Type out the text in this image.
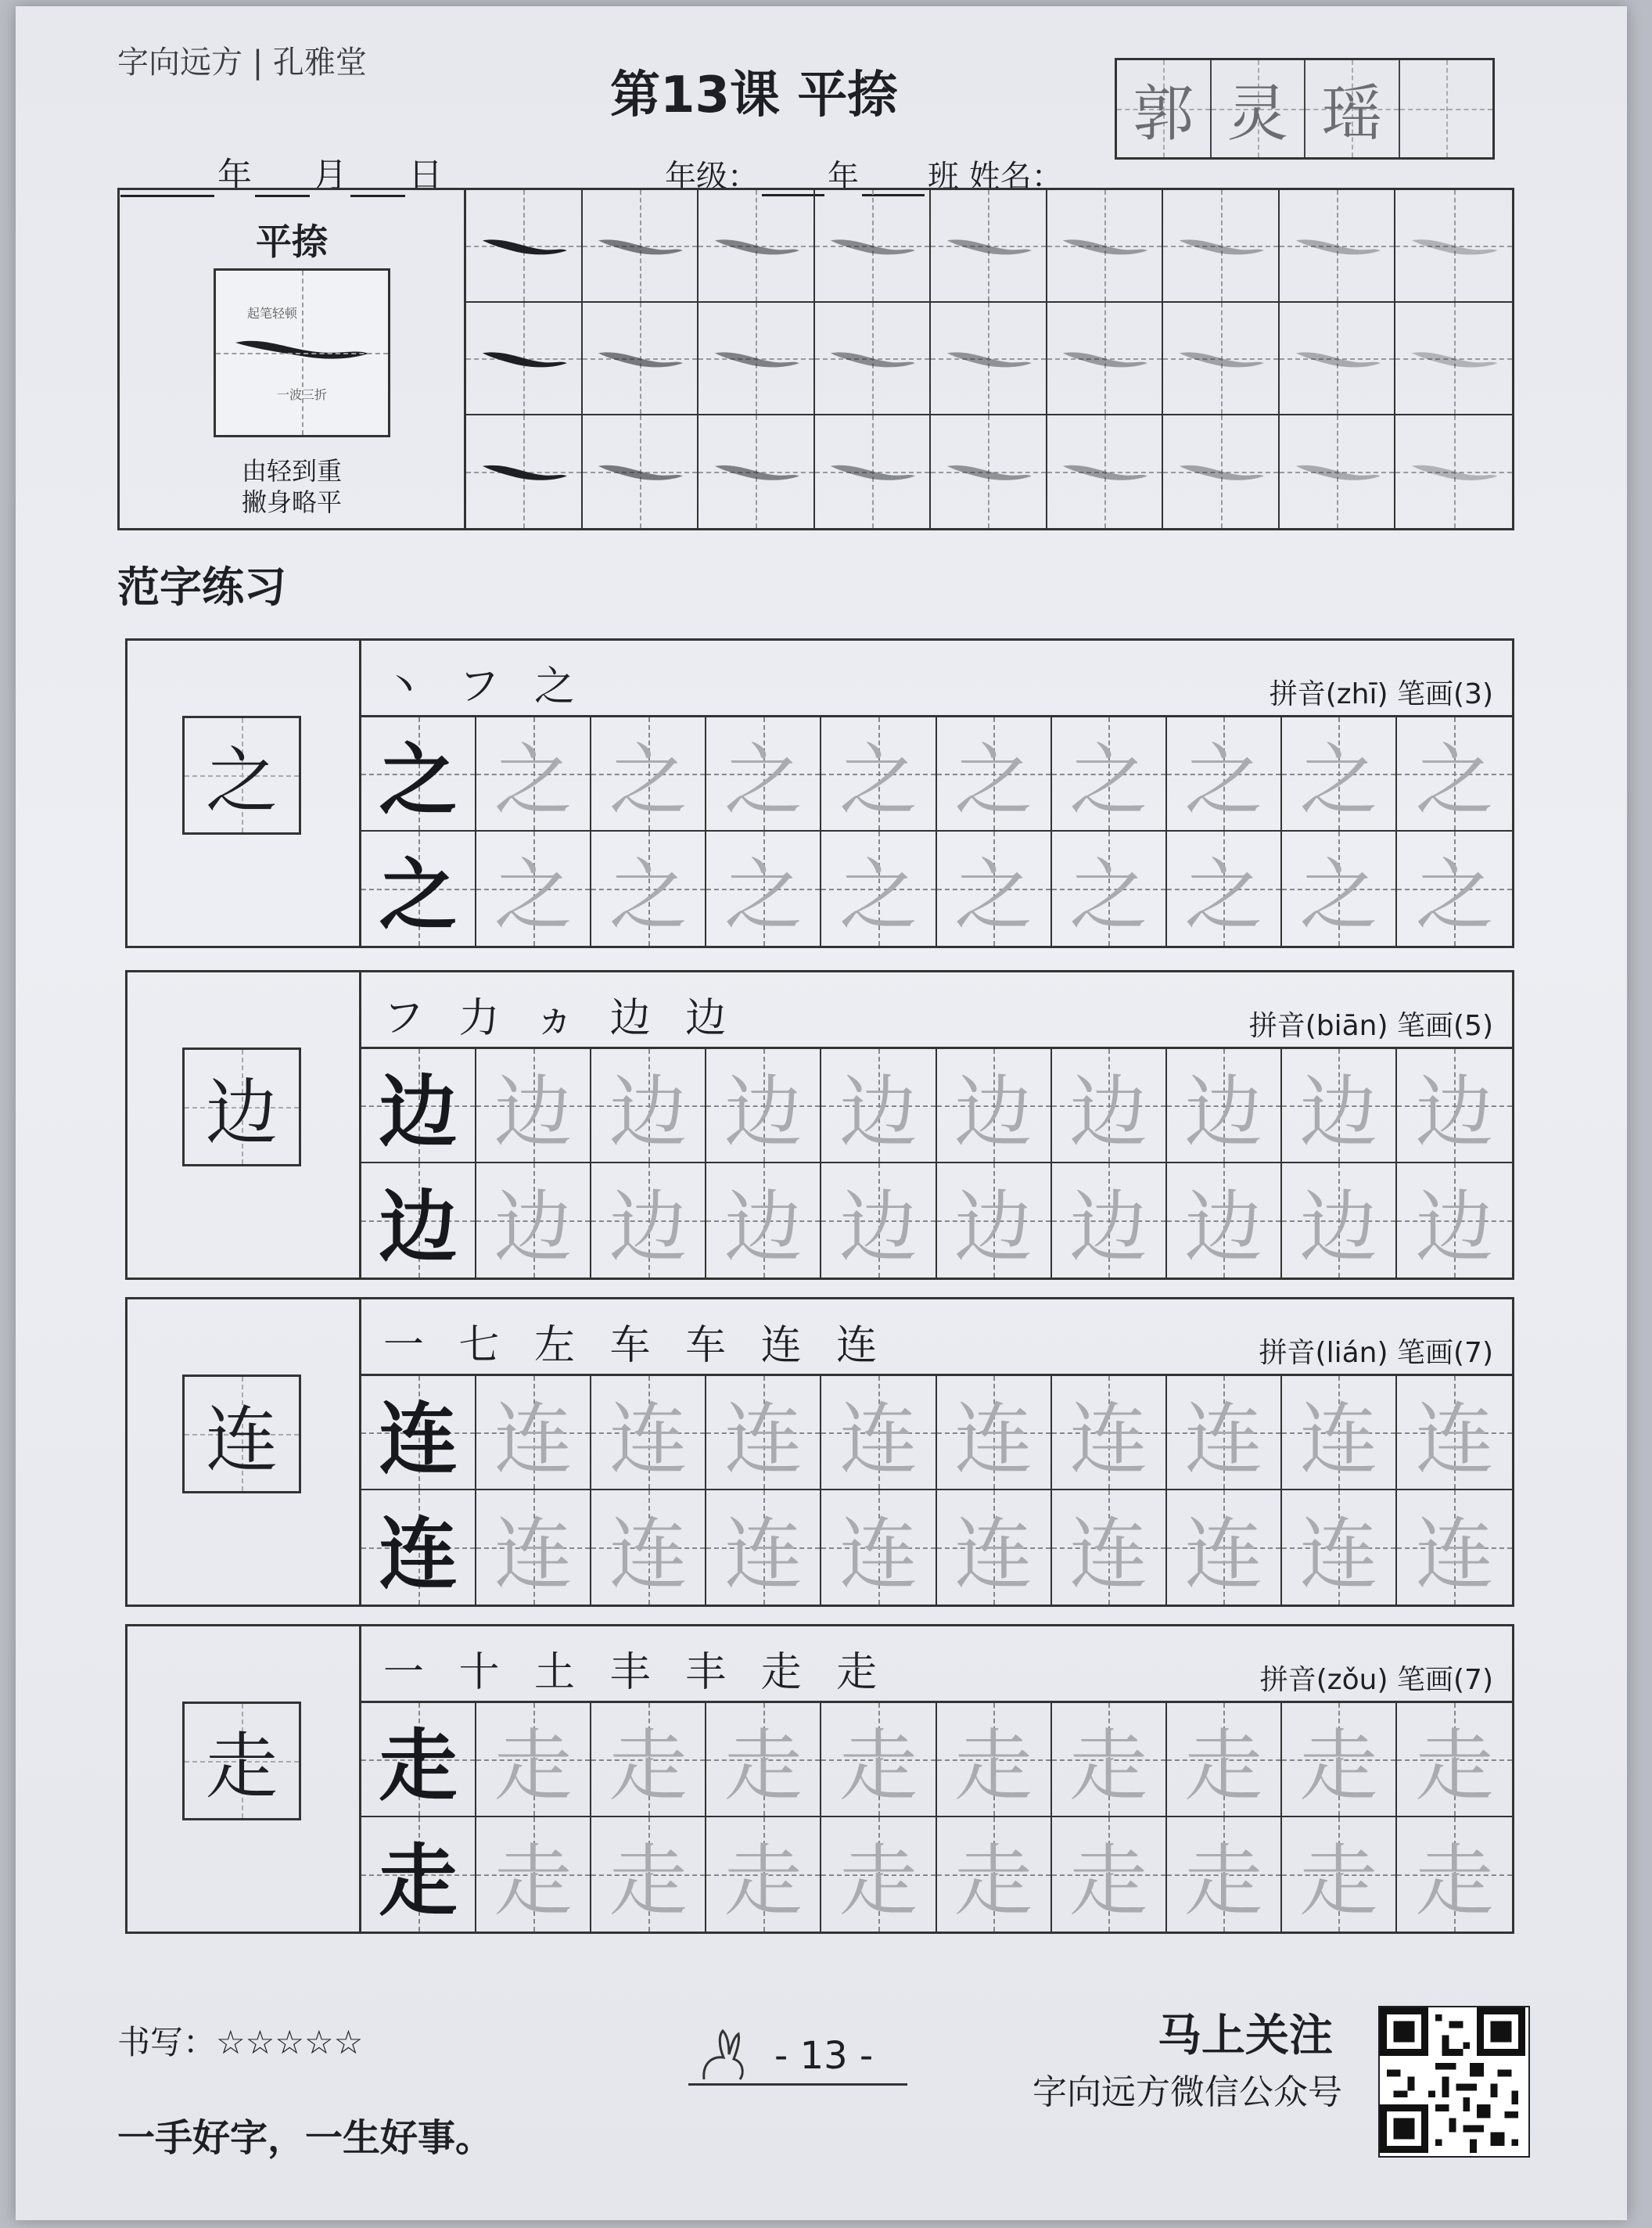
字向远方 | 孔雅堂
第13课 平捺
年 月 日	年级： 年 班 姓名：
郭 灵 瑶
平捺
起笔轻顿
一波三折
由轻到重
撇身略平
范字练习
之
丶 フ 之	拼音(zhī) 笔画(3)
之 之 之 之 之 之 之 之 之 之
之 之 之 之 之 之 之 之 之 之
边
フ 力 ヵ 边 边	拼音(biān) 笔画(5)
边 边 边 边 边 边 边 边 边 边
边 边 边 边 边 边 边 边 边 边
连
一 七 左 车 车 连 连	拼音(lián) 笔画(7)
连 连 连 连 连 连 连 连 连 连
连 连 连 连 连 连 连 连 连 连
走
一 十 土 丰 丰 走 走	拼音(zǒu) 笔画(7)
走 走 走 走 走 走 走 走 走 走
走 走 走 走 走 走 走 走 走 走
书写：☆☆☆☆☆
一手好字，一生好事。
- 13 -	马上关注
字向远方微信公众号
